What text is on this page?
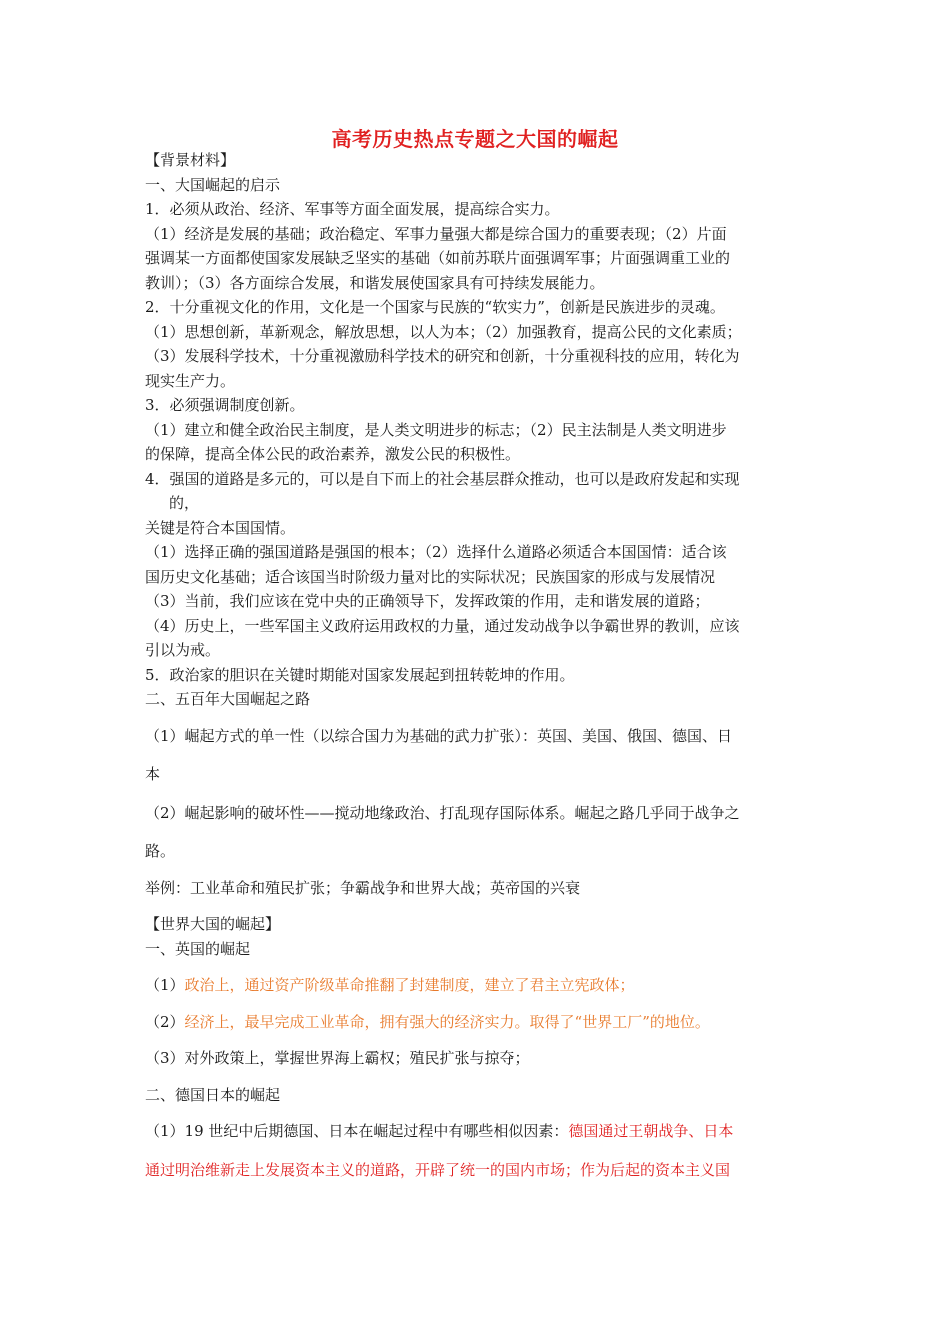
高考历史热点专题之大国的崛起
【背景材料】
一、大国崛起的启示
1．必须从政治、经济、军事等方面全面发展，提高综合实力。
（1）经济是发展的基础；政治稳定、军事力量强大都是综合国力的重要表现；（2）片面
强调某一方面都使国家发展缺乏坚实的基础（如前苏联片面强调军事；片面强调重工业的
教训）；（3）各方面综合发展，和谐发展使国家具有可持续发展能力。
2．十分重视文化的作用，文化是一个国家与民族的“软实力”，创新是民族进步的灵魂。
（1）思想创新，革新观念，解放思想，以人为本；（2）加强教育，提高公民的文化素质；
（3）发展科学技术，十分重视激励科学技术的研究和创新，十分重视科技的应用，转化为
现实生产力。
3．必须强调制度创新。
（1）建立和健全政治民主制度，是人类文明进步的标志；（2）民主法制是人类文明进步
的保障，提高全体公民的政治素养，激发公民的积极性。
4．强国的道路是多元的，可以是自下而上的社会基层群众推动，也可以是政府发起和实现
的，
关键是符合本国国情。
（1）选择正确的强国道路是强国的根本；（2）选择什么道路必须适合本国国情：适合该
国历史文化基础；适合该国当时阶级力量对比的实际状况；民族国家的形成与发展情况
（3）当前，我们应该在党中央的正确领导下，发挥政策的作用，走和谐发展的道路；
（4）历史上，一些军国主义政府运用政权的力量，通过发动战争以争霸世界的教训，应该
引以为戒。
5．政治家的胆识在关键时期能对国家发展起到扭转乾坤的作用。
二、五百年大国崛起之路
（1）崛起方式的单一性（以综合国力为基础的武力扩张）：英国、美国、俄国、德国、日
本
（2）崛起影响的破坏性——搅动地缘政治、打乱现存国际体系。崛起之路几乎同于战争之
路。
举例：工业革命和殖民扩张；争霸战争和世界大战；英帝国的兴衰
【世界大国的崛起】
一、英国的崛起
（1）政治上，通过资产阶级革命推翻了封建制度，建立了君主立宪政体；
（2）经济上，最早完成工业革命，拥有强大的经济实力。取得了“世界工厂”的地位。
（3）对外政策上，掌握世界海上霸权；殖民扩张与掠夺；
二、德国日本的崛起
（1）19 世纪中后期德国、日本在崛起过程中有哪些相似因素：德国通过王朝战争、日本
通过明治维新走上发展资本主义的道路，开辟了统一的国内市场；作为后起的资本主义国
